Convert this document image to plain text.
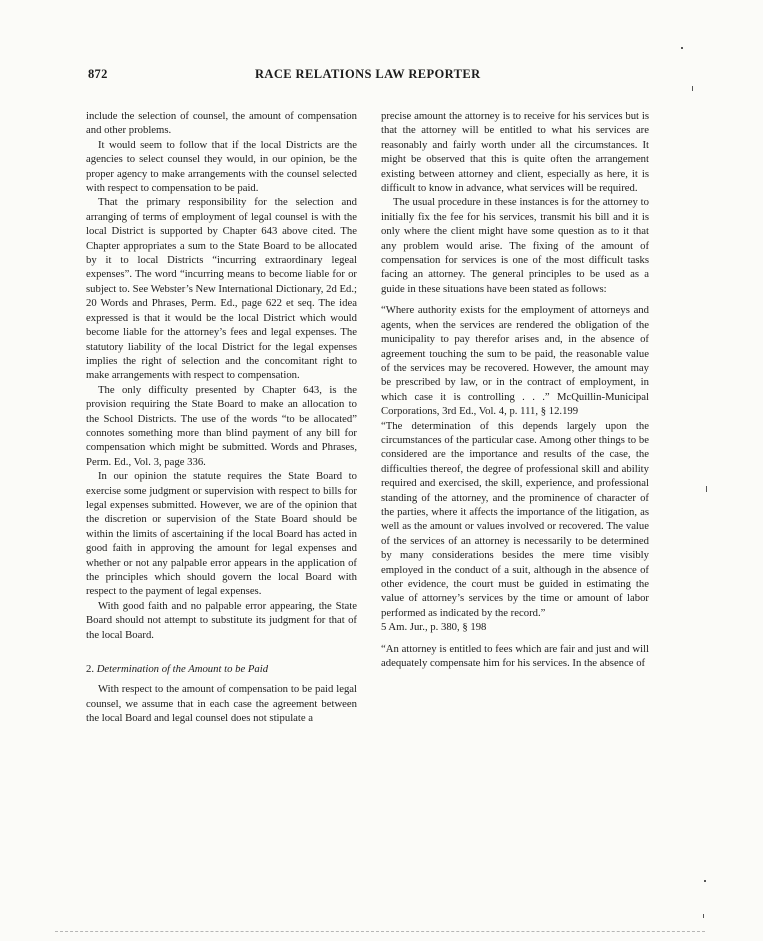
872	RACE RELATIONS LAW REPORTER

include the selection of counsel, the amount of compensation and other problems.

It would seem to follow that if the local Districts are the agencies to select counsel they would, in our opinion, be the proper agency to make arrangements with the counsel selected with respect to compensation to be paid.

That the primary responsibility for the selection and arranging of terms of employment of legal counsel is with the local District is supported by Chapter 643 above cited. The Chapter appropriates a sum to the State Board to be allocated by it to local Districts “incurring extraordinary legeal expenses”. The word “incurring means to become liable for or subject to. See Webster’s New International Dictionary, 2d Ed.; 20 Words and Phrases, Perm. Ed., page 622 et seq. The idea expressed is that it would be the local District which would become liable for the attorney’s fees and legal expenses. The statutory liability of the local District for the legal expenses implies the right of selection and the concomitant right to make arrangements with respect to compensation.

The only difficulty presented by Chapter 643, is the provision requiring the State Board to make an allocation to the School Districts. The use of the words “to be allocated” connotes something more than blind payment of any bill for compensation which might be submitted. Words and Phrases, Perm. Ed., Vol. 3, page 336.

In our opinion the statute requires the State Board to exercise some judgment or supervision with respect to bills for legal expenses submitted. However, we are of the opinion that the discretion or supervision of the State Board should be within the limits of ascertaining if the local Board has acted in good faith in approving the amount for legal expenses and whether or not any palpable error appears in the application of the principles which should govern the local Board with respect to the payment of legal expenses.

With good faith and no palpable error appearing, the State Board should not attempt to substitute its judgment for that of the local Board.

2. Determination of the Amount to be Paid

With respect to the amount of compensation to be paid legal counsel, we assume that in each case the agreement between the local Board and legal counsel does not stipulate a

precise amount the attorney is to receive for his services but is that the attorney will be entitled to what his services are reasonably and fairly worth under all the circumstances. It might be observed that this is quite often the arrangement existing between attorney and client, especially as here, it is difficult to know in advance, what services will be required.

The usual procedure in these instances is for the attorney to initially fix the fee for his services, transmit his bill and it is only where the client might have some question as to it that any problem would arise. The fixing of the amount of compensation for services is one of the most difficult tasks facing an attorney. The general principles to be used as a guide in these situations have been stated as follows:

“Where authority exists for the employment of attorneys and agents, when the services are rendered the obligation of the municipality to pay therefor arises and, in the absence of agreement touching the sum to be paid, the reasonable value of the services may be recovered. However, the amount may be prescribed by law, or in the contract of employment, in which case it is controlling . . .” McQuillin-Municipal Corporations, 3rd Ed., Vol. 4, p. 111, § 12.199

“The determination of this depends largely upon the circumstances of the particular case. Among other things to be considered are the importance and results of the case, the difficulties thereof, the degree of professional skill and ability required and exercised, the skill, experience, and professional standing of the attorney, and the prominence of character of the parties, where it affects the importance of the litigation, as well as the amount or values involved or recovered. The value of the services of an attorney is necessarily to be determined by many considerations besides the mere time visibly employed in the conduct of a suit, although in the absence of other evidence, the court must be guided in estimating the value of attorney’s services by the time or amount of labor performed as indicated by the record.”

5 Am. Jur., p. 380, § 198

“An attorney is entitled to fees which are fair and just and will adequately compensate him for his services. In the absence of
